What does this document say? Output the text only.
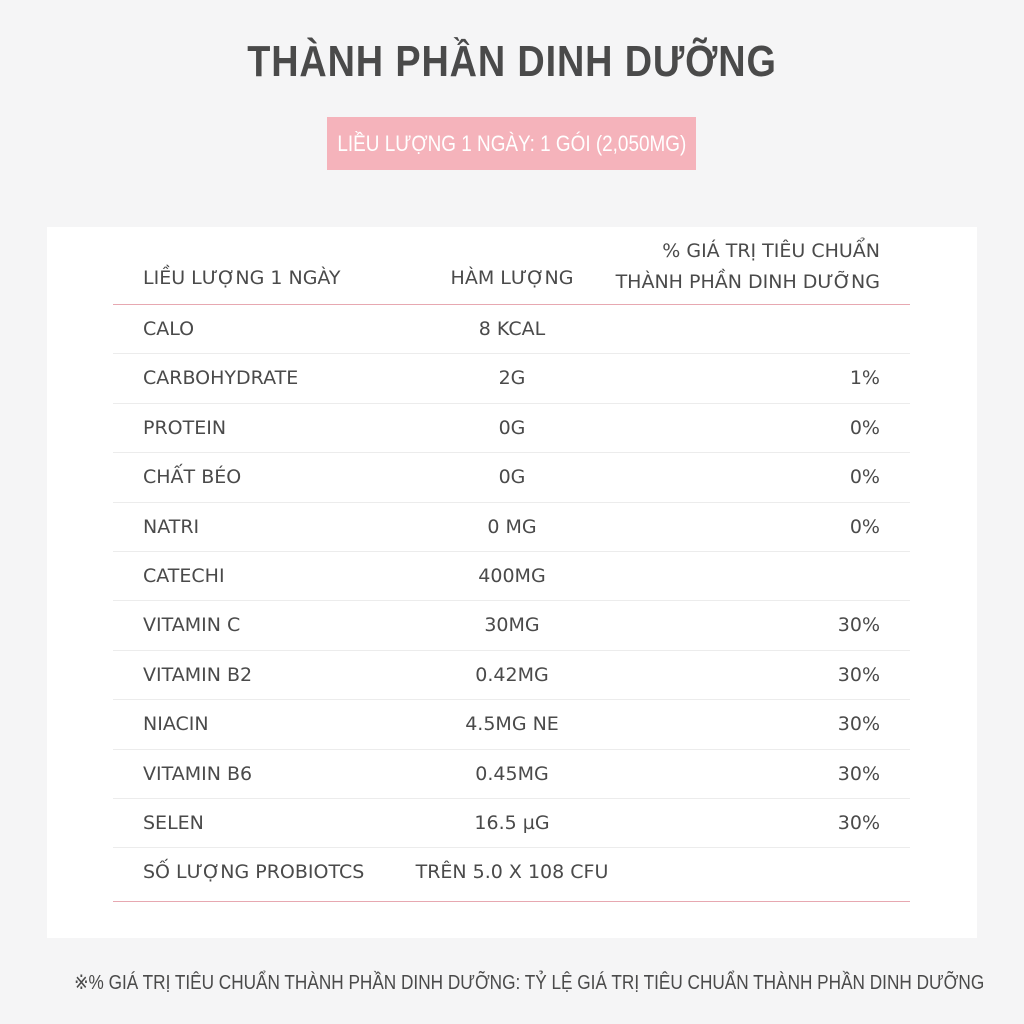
THÀNH PHẦN DINH DƯỠNG
LIỀU LƯỢNG 1 NGÀY: 1 GÓI (2,050MG)
LIỀU LƯỢNG 1 NGÀY	HÀM LƯỢNG
% GIÁ TRỊ TIÊU CHUẨN
THÀNH PHẦN DINH DƯỠNG
CALO	8 KCAL
CARBOHYDRATE	2G	1%
PROTEIN	0G	0%
CHẤT BÉO	0G	0%
NATRI	0 MG	0%
CATECHI	400MG
VITAMIN C	30MG	30%
VITAMIN B2	0.42MG	30%
NIACIN	4.5MG NE	30%
VITAMIN B6	0.45MG	30%
SELEN	16.5 µG	30%
SỐ LƯỢNG PROBIOTCS	TRÊN 5.0 X 108 CFU
※% GIÁ TRỊ TIÊU CHUẨN THÀNH PHẦN DINH DƯỠNG: TỶ LỆ GIÁ TRỊ TIÊU CHUẨN THÀNH PHẦN DINH DƯỠNG
